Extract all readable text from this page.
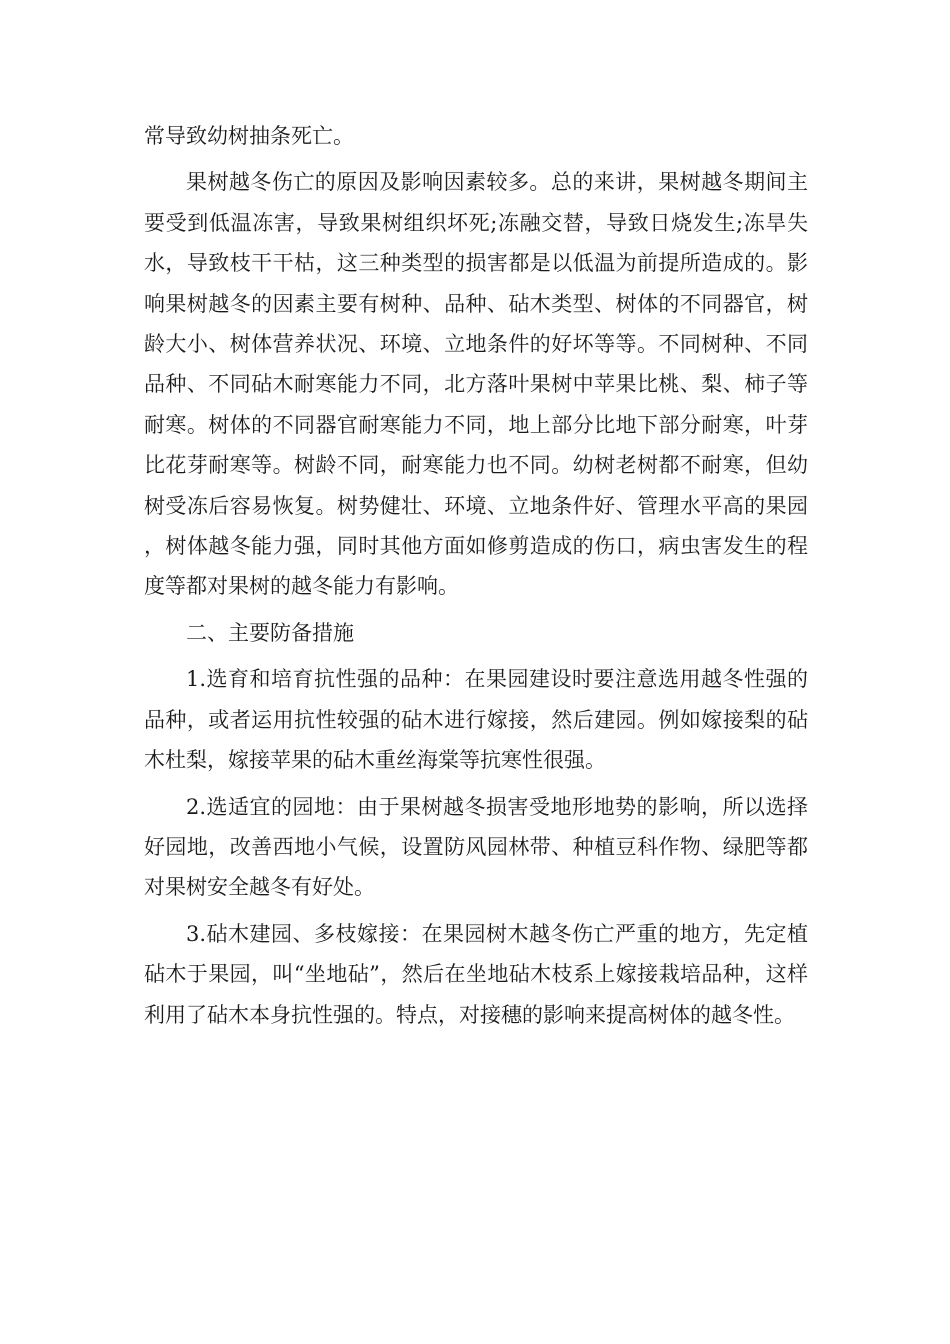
常导致幼树抽条死亡。

果树越冬伤亡的原因及影响因素较多。总的来讲，果树越冬期间主要受到低温冻害，导致果树组织坏死;冻融交替，导致日烧发生;冻旱失水，导致枝干干枯，这三种类型的损害都是以低温为前提所造成的。影响果树越冬的因素主要有树种、品种、砧木类型、树体的不同器官，树龄大小、树体营养状况、环境、立地条件的好坏等等。不同树种、不同品种、不同砧木耐寒能力不同，北方落叶果树中苹果比桃、梨、柿子等耐寒。树体的不同器官耐寒能力不同，地上部分比地下部分耐寒，叶芽比花芽耐寒等。树龄不同，耐寒能力也不同。幼树老树都不耐寒，但幼树受冻后容易恢复。树势健壮、环境、立地条件好、管理水平高的果园，树体越冬能力强，同时其他方面如修剪造成的伤口，病虫害发生的程度等都对果树的越冬能力有影响。

二、主要防备措施

1.选育和培育抗性强的品种：在果园建设时要注意选用越冬性强的品种，或者运用抗性较强的砧木进行嫁接，然后建园。例如嫁接梨的砧木杜梨，嫁接苹果的砧木重丝海棠等抗寒性很强。

2.选适宜的园地：由于果树越冬损害受地形地势的影响，所以选择好园地，改善西地小气候，设置防风园林带、种植豆科作物、绿肥等都对果树安全越冬有好处。

3.砧木建园、多枝嫁接：在果园树木越冬伤亡严重的地方，先定植砧木于果园，叫“坐地砧”，然后在坐地砧木枝系上嫁接栽培品种，这样利用了砧木本身抗性强的。特点，对接穗的影响来提高树体的越冬性。
